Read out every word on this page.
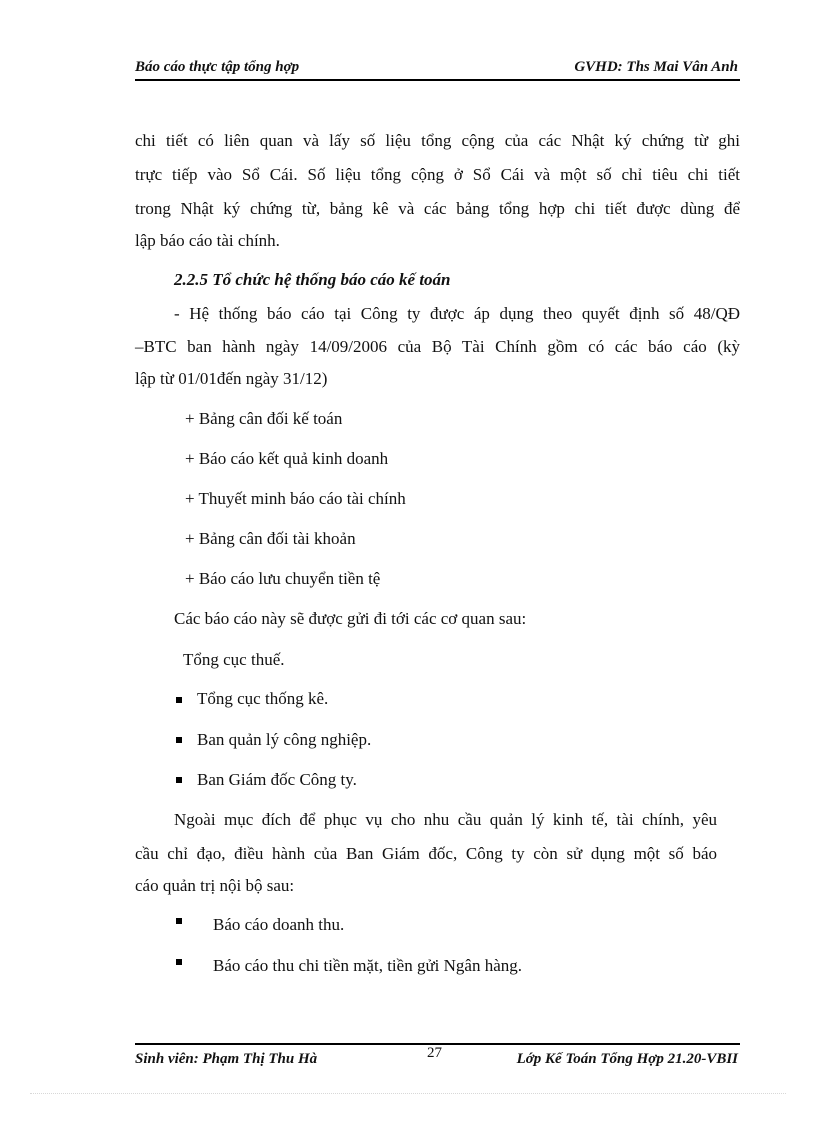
Báo cáo thực tập tổng hợp	GVHD: Ths Mai Vân Anh
chi tiết có liên quan và lấy số liệu tổng cộng của các Nhật ký chứng từ ghi
trực tiếp vào Sổ Cái. Số liệu tổng cộng ở Sổ Cái và một số chỉ tiêu chi tiết
trong Nhật ký chứng từ, bảng kê và các bảng tổng hợp chi tiết được dùng để
lập báo cáo tài chính.
2.2.5 Tổ chức hệ thống báo cáo kế toán
- Hệ thống báo cáo tại Công ty được áp dụng theo quyết định số 48/QĐ
–BTC ban hành ngày 14/09/2006 của Bộ Tài Chính gồm có các báo cáo (kỳ
lập từ 01/01đến ngày 31/12)
+ Bảng cân đối kế toán
+ Báo cáo kết quả kinh doanh
+ Thuyết minh báo cáo tài chính
+ Bảng cân đối tài khoản
+ Báo cáo lưu chuyển tiền tệ
Các báo cáo này sẽ được gửi đi tới các cơ quan sau:
Tổng cục thuế.
Tổng cục thống kê.
Ban quản lý công nghiệp.
Ban Giám đốc Công ty.
Ngoài mục đích để phục vụ cho nhu cầu quản lý kinh tế, tài chính, yêu
cầu chỉ đạo, điều hành của Ban Giám đốc, Công ty còn sử dụng một số báo
cáo quản trị nội bộ sau:
Báo cáo doanh thu.
Báo cáo thu chi tiền mặt, tiền gửi Ngân hàng.
Sinh viên: Phạm Thị Thu Hà	27	Lớp Kế Toán Tổng Hợp 21.20-VBII
